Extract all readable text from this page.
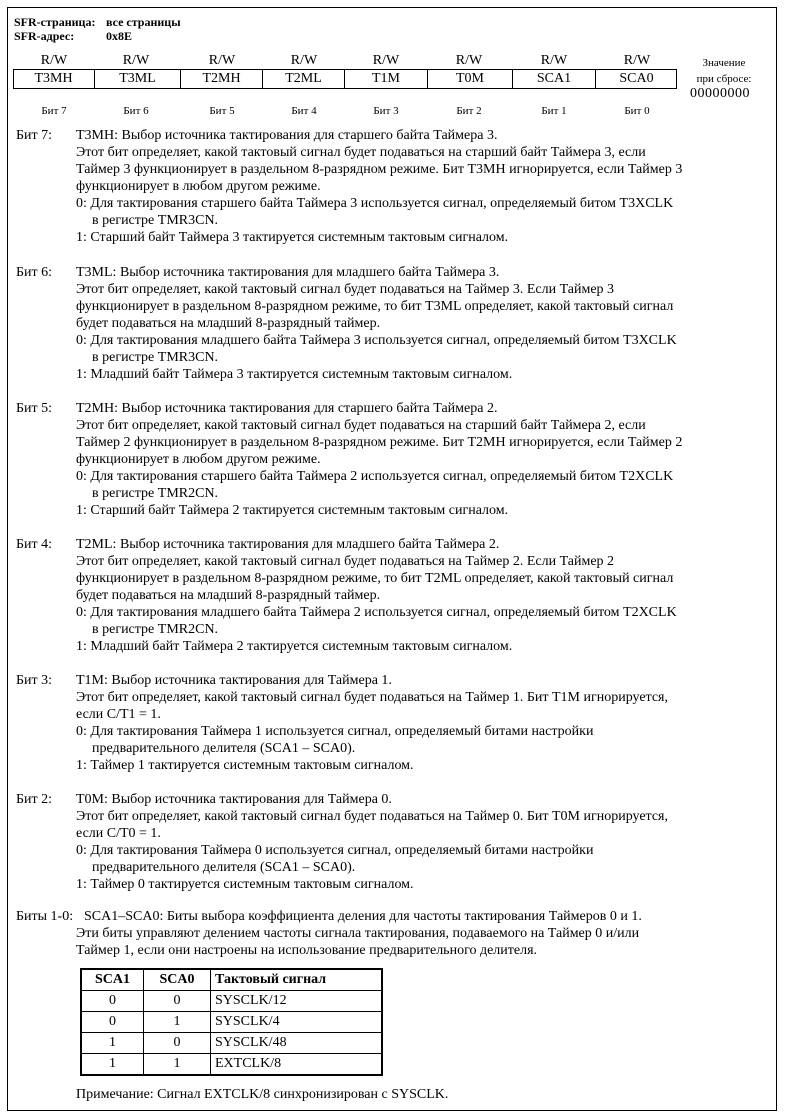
SFR-страница: все страницы
SFR-адрес:	0x8E
R/W	R/W	R/W	R/W	R/W	R/W	R/W	R/W
T3MH	T3ML	T2MH	T2ML	T1M	T0M	SCA1	SCA0
Бит 7	Бит 6	Бит 5	Бит 4	Бит 3	Бит 2	Бит 1	Бит 0
Значение
при сбросе:
00000000
Бит 7:	T3MH: Выбор источника тактирования для старшего байта Таймера 3.
Этот бит определяет, какой тактовый сигнал будет подаваться на старший байт Таймера 3, если
Таймер 3 функционирует в раздельном 8-разрядном режиме. Бит T3MH игнорируется, если Таймер 3
функционирует в любом другом режиме.
0: Для тактирования старшего байта Таймера 3 используется сигнал, определяемый битом T3XCLK
в регистре TMR3CN.
1: Старший байт Таймера 3 тактируется системным тактовым сигналом.
Бит 6:	T3ML: Выбор источника тактирования для младшего байта Таймера 3.
Этот бит определяет, какой тактовый сигнал будет подаваться на Таймер 3. Если Таймер 3
функционирует в раздельном 8-разрядном режиме, то бит T3ML определяет, какой тактовый сигнал
будет подаваться на младший 8-разрядный таймер.
0: Для тактирования младшего байта Таймера 3 используется сигнал, определяемый битом T3XCLK
в регистре TMR3CN.
1: Младший байт Таймера 3 тактируется системным тактовым сигналом.
Бит 5:	T2MH: Выбор источника тактирования для старшего байта Таймера 2.
Этот бит определяет, какой тактовый сигнал будет подаваться на старший байт Таймера 2, если
Таймер 2 функционирует в раздельном 8-разрядном режиме. Бит T2MH игнорируется, если Таймер 2
функционирует в любом другом режиме.
0: Для тактирования старшего байта Таймера 2 используется сигнал, определяемый битом T2XCLK
в регистре TMR2CN.
1: Старший байт Таймера 2 тактируется системным тактовым сигналом.
Бит 4:	T2ML: Выбор источника тактирования для младшего байта Таймера 2.
Этот бит определяет, какой тактовый сигнал будет подаваться на Таймер 2. Если Таймер 2
функционирует в раздельном 8-разрядном режиме, то бит T2ML определяет, какой тактовый сигнал
будет подаваться на младший 8-разрядный таймер.
0: Для тактирования младшего байта Таймера 2 используется сигнал, определяемый битом T2XCLK
в регистре TMR2CN.
1: Младший байт Таймера 2 тактируется системным тактовым сигналом.
Бит 3:	T1M: Выбор источника тактирования для Таймера 1.
Этот бит определяет, какой тактовый сигнал будет подаваться на Таймер 1. Бит T1M игнорируется,
если C/T1 = 1.
0: Для тактирования Таймера 1 используется сигнал, определяемый битами настройки
предварительного делителя (SCA1 – SCA0).
1: Таймер 1 тактируется системным тактовым сигналом.
Бит 2:	T0M: Выбор источника тактирования для Таймера 0.
Этот бит определяет, какой тактовый сигнал будет подаваться на Таймер 0. Бит T0M игнорируется,
если C/T0 = 1.
0: Для тактирования Таймера 0 используется сигнал, определяемый битами настройки
предварительного делителя (SCA1 – SCA0).
1: Таймер 0 тактируется системным тактовым сигналом.
Биты 1-0: SCA1–SCA0: Биты выбора коэффициента деления для частоты тактирования Таймеров 0 и 1.
Эти биты управляют делением частоты сигнала тактирования, подаваемого на Таймер 0 и/или
Таймер 1, если они настроены на использование предварительного делителя.
SCA1	SCA0	Тактовый сигнал
0	0	SYSCLK/12
0	1	SYSCLK/4
1	0	SYSCLK/48
1	1	EXTCLK/8
Примечание: Сигнал EXTCLK/8 синхронизирован с SYSCLK.
